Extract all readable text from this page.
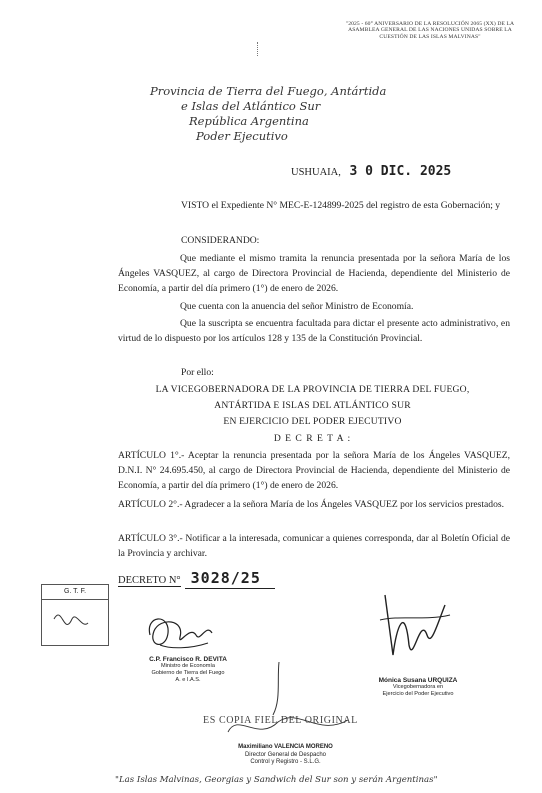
"2025 - 60° ANIVERSARIO DE LA RESOLUCIÓN 2065 (XX) DE LA
ASAMBLEA GENERAL DE LAS NACIONES UNIDAS SOBRE LA
CUESTIÓN DE LAS ISLAS MALVINAS"
Provincia de Tierra del Fuego, Antártida
e Islas del Atlántico Sur
República Argentina
Poder Ejecutivo
USHUAIA, 3 0 DIC. 2025
VISTO el Expediente N° MEC-E-124899-2025 del registro de esta Gobernación; y
CONSIDERANDO:
Que mediante el mismo tramita la renuncia presentada por la señora María de los Ángeles VASQUEZ, al cargo de Directora Provincial de Hacienda, dependiente del Ministerio de Economía, a partir del día primero (1°) de enero de 2026.
Que cuenta con la anuencia del señor Ministro de Economía.
Que la suscripta se encuentra facultada para dictar el presente acto administrativo, en virtud de lo dispuesto por los artículos 128 y 135 de la Constitución Provincial.
Por ello:
LA VICEGOBERNADORA DE LA PROVINCIA DE TIERRA DEL FUEGO,
ANTÁRTIDA E ISLAS DEL ATLÁNTICO SUR
EN EJERCICIO DEL PODER EJECUTIVO
D E C R E T A :
ARTÍCULO 1°.- Aceptar la renuncia presentada por la señora María de los Ángeles VASQUEZ, D.N.I. N° 24.695.450, al cargo de Directora Provincial de Hacienda, dependiente del Ministerio de Economía, a partir del día primero (1°) de enero de 2026.
ARTÍCULO 2°.- Agradecer a la señora María de los Ángeles VASQUEZ por los servicios prestados.
ARTÍCULO 3°.- Notificar a la interesada, comunicar a quienes corresponda, dar al Boletín Oficial de la Provincia y archivar.
DECRETO N° 3028/25
G. T. F.
C.P. Francisco R. DEVITA
Ministro de Economía
Gobierno de Tierra del Fuego
A. e I.A.S.	Mónica Susana URQUIZA
Vicegobernadora en
Ejercicio del Poder Ejecutivo
ES COPIA FIEL DEL ORIGINAL
Maximiliano VALENCIA MORENO
Director General de Despacho
Control y Registro - S.L.G.
"Las Islas Malvinas, Georgias y Sandwich del Sur son y serán Argentinas"
